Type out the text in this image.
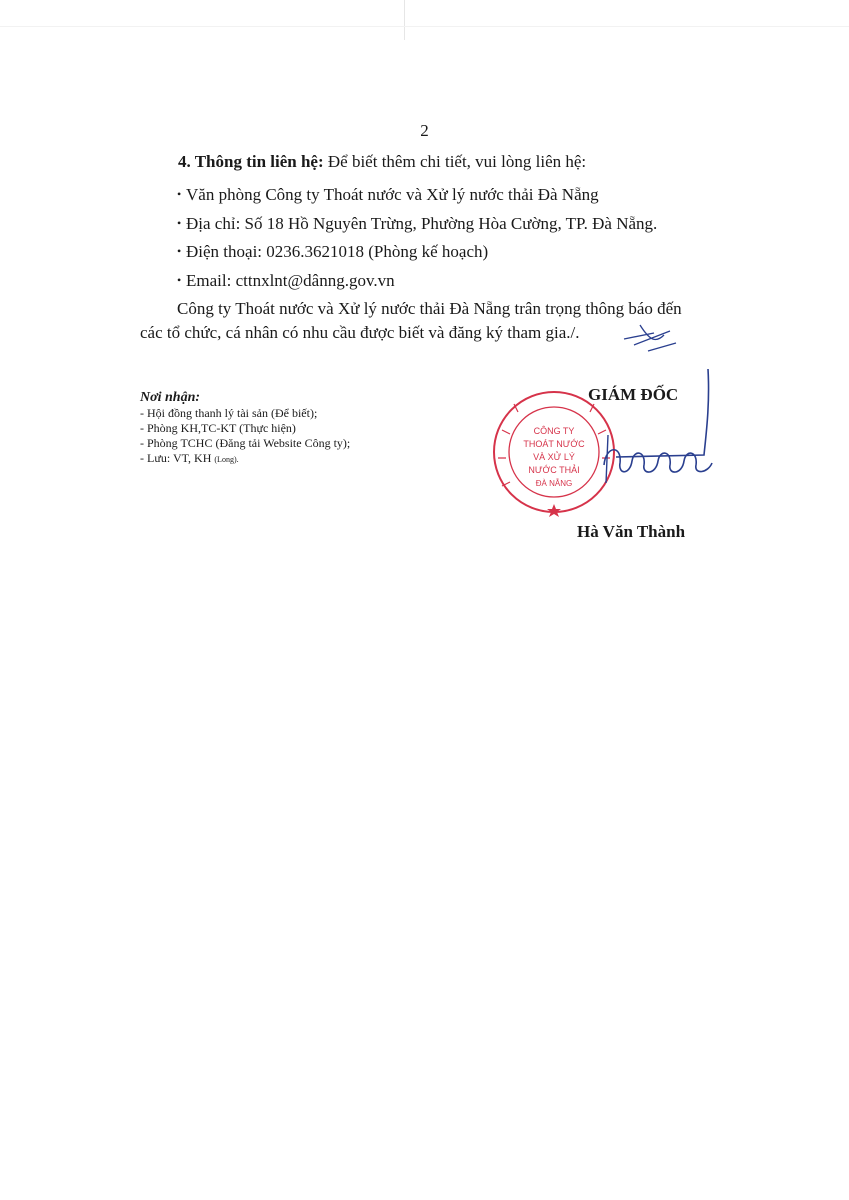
2
4. Thông tin liên hệ: Để biết thêm chi tiết, vui lòng liên hệ:
• Văn phòng Công ty Thoát nước và Xử lý nước thải Đà Nẵng
• Địa chỉ: Số 18 Hồ Nguyên Trừng, Phường Hòa Cường, TP. Đà Nẵng.
• Điện thoại: 0236.3621018 (Phòng kế hoạch)
• Email: cttnxlnt@dânng.gov.vn
Công ty Thoát nước và Xử lý nước thải Đà Nẵng trân trọng thông báo đến
các tổ chức, cá nhân có nhu cầu được biết và đăng ký tham gia./.
Nơi nhận:
- Hội đồng thanh lý tài sản (Để biết);
- Phòng KH,TC-KT (Thực hiện)
- Phòng TCHC (Đăng tải Website Công ty);
- Lưu: VT, KH (Long).
GIÁM ĐỐC
CÔNG TY
THOÁT NƯỚC
VÀ XỬ LÝ
NƯỚC THẢI
ĐÀ NẴNG
Hà Văn Thành
